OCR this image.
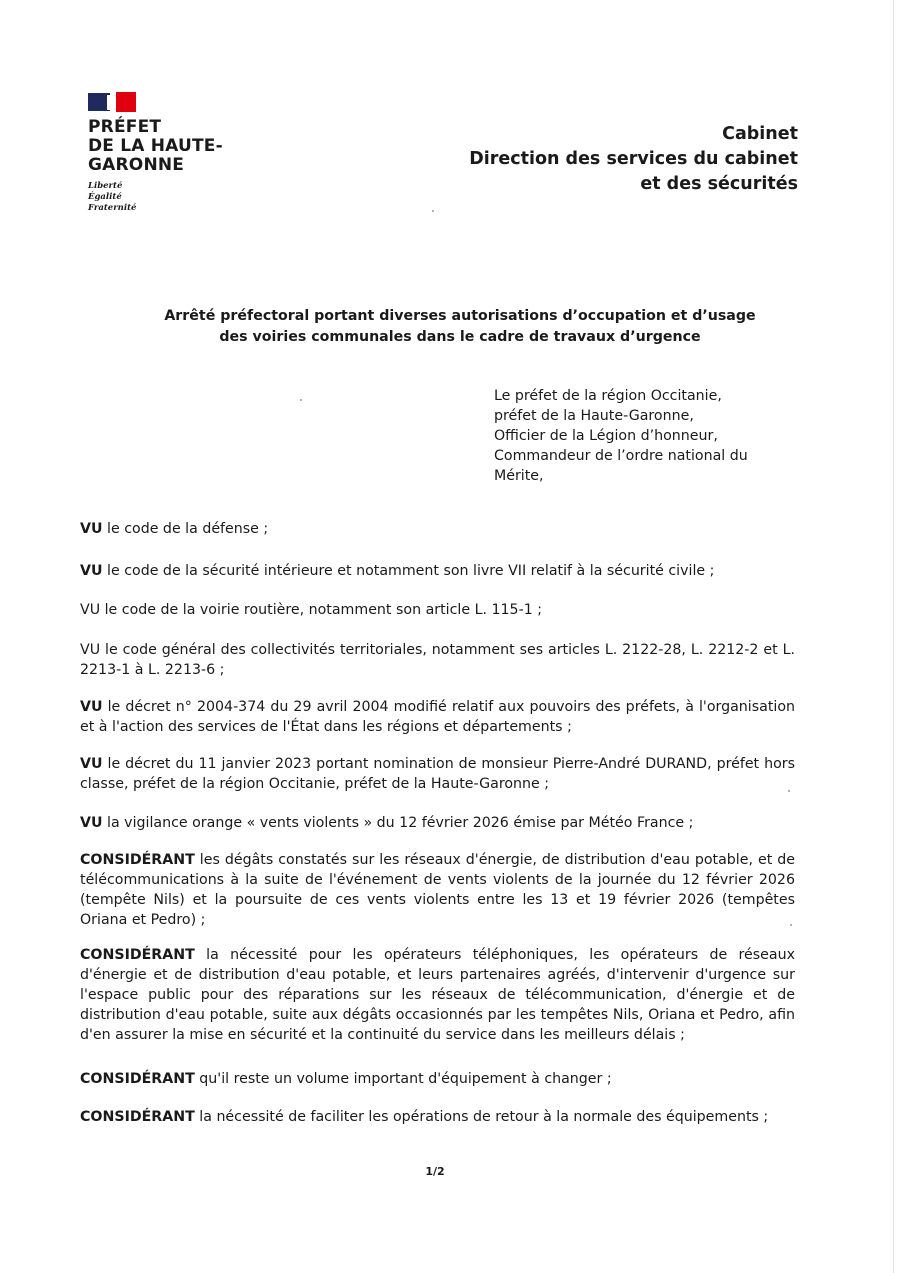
PRÉFET
DE LA HAUTE-
GARONNE
Liberté
Égalité
Fraternité
Cabinet
Direction des services du cabinet
et des sécurités
Arrêté préfectoral portant diverses autorisations d’occupation et d’usage
des voiries communales dans le cadre de travaux d’urgence
Le préfet de la région Occitanie,
préfet de la Haute-Garonne,
Officier de la Légion d’honneur,
Commandeur de l’ordre national du
Mérite,

VU le code de la défense ;

VU le code de la sécurité intérieure et notamment son livre VII relatif à la sécurité civile ;

VU le code de la voirie routière, notamment son article L. 115-1 ;

VU le code général des collectivités territoriales, notamment ses articles L. 2122-28, L. 2212-2 et L. 2213-1 à L. 2213-6 ;

VU le décret n° 2004-374 du 29 avril 2004 modifié relatif aux pouvoirs des préfets, à l'organisation et à l'action des services de l'État dans les régions et départements ;

VU le décret du 11 janvier 2023 portant nomination de monsieur Pierre-André DURAND, préfet hors classe, préfet de la région Occitanie, préfet de la Haute-Garonne ;

VU la vigilance orange « vents violents » du 12 février 2026 émise par Météo France ;

CONSIDÉRANT les dégâts constatés sur les réseaux d'énergie, de distribution d'eau potable, et de télécommunications à la suite de l'événement de vents violents de la journée du 12 février 2026 (tempête Nils) et la poursuite de ces vents violents entre les 13 et 19 février 2026 (tempêtes Oriana et Pedro) ;

CONSIDÉRANT la nécessité pour les opérateurs téléphoniques, les opérateurs de réseaux d'énergie et de distribution d'eau potable, et leurs partenaires agréés, d'intervenir d'urgence sur l'espace public pour des réparations sur les réseaux de télécommunication, d'énergie et de distribution d'eau potable, suite aux dégâts occasionnés par les tempêtes Nils, Oriana et Pedro, afin d'en assurer la mise en sécurité et la continuité du service dans les meilleurs délais ;

CONSIDÉRANT qu'il reste un volume important d'équipement à changer ;

CONSIDÉRANT la nécessité de faciliter les opérations de retour à la normale des équipements ;

1/2
